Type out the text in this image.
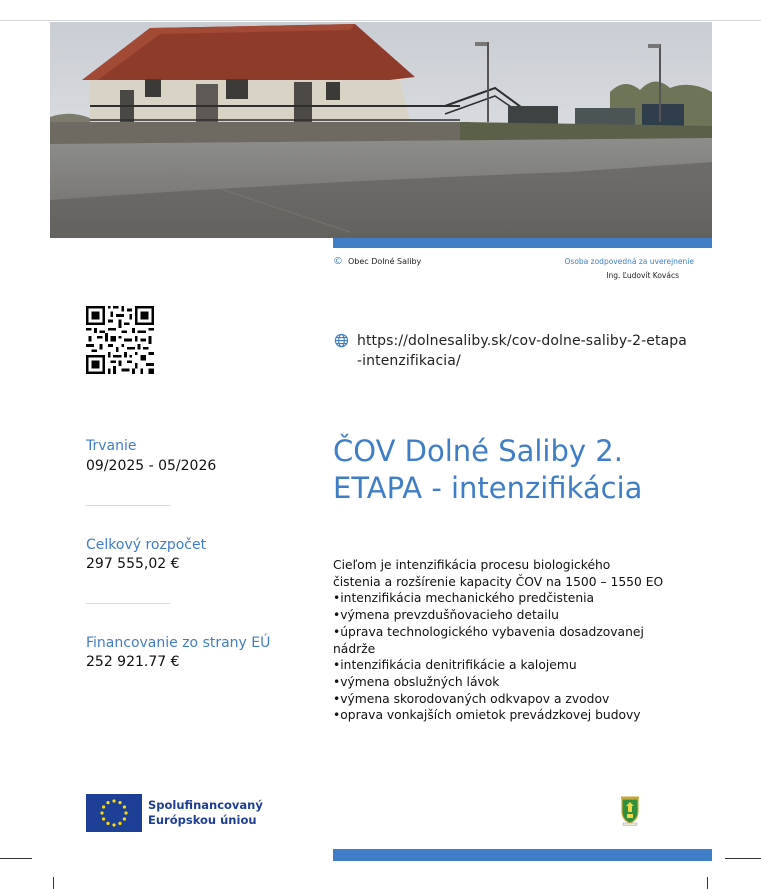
© Obec Dolné Saliby	Osoba zodpovedná za uverejnenie
Ing. Ľudovít Kovács
https://dolnesaliby.sk/cov-dolne-saliby-2-etapa-intenzifikacia/
Trvanie
09/2025 - 05/2026
Celkový rozpočet
297 555,02 €
Financovanie zo strany EÚ
252 921.77 €
ČOV Dolné Saliby 2. ETAPA - intenzifikácia
Cieľom je intenzifikácia procesu biologického
čistenia a rozšírenie kapacity ČOV na 1500 – 1550 EO
•intenzifikácia mechanického predčistenia
•výmena prevzdušňovacieho detailu
•úprava technologického vybavenia dosadzovanej
nádrže
•intenzifikácia denitrifikácie a kalojemu
•výmena obslužných lávok
•výmena skorodovaných odkvapov a zvodov
•oprava vonkajších omietok prevádzkovej budovy
Spolufinancovaný
Európskou úniou
